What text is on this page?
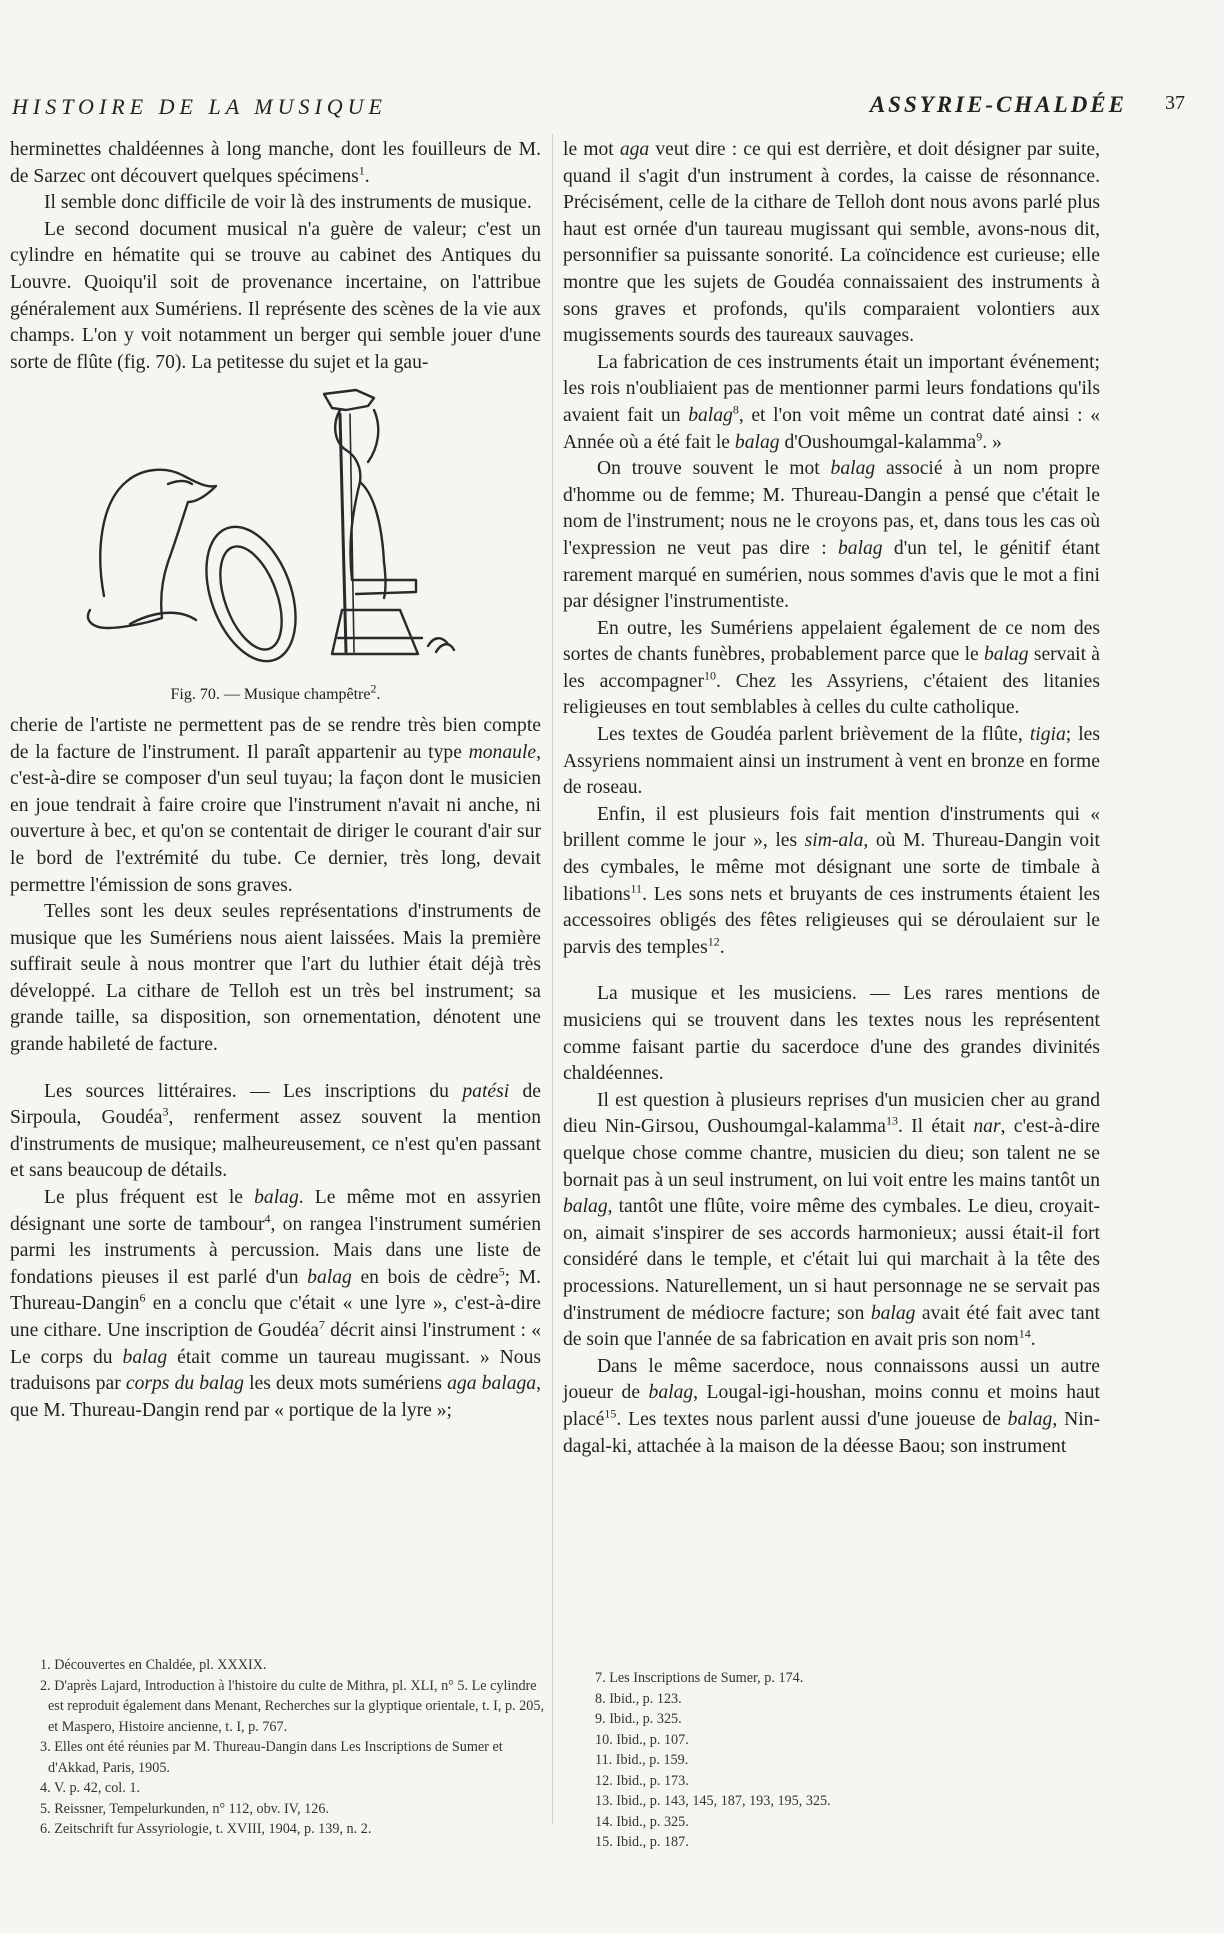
HISTOIRE DE LA MUSIQUE	ASSYRIE-CHALDÉE 37

herminettes chaldéennes à long manche, dont les fouilleurs de M. de Sarzec ont découvert quelques spécimens$^1$.

Il semble donc difficile de voir là des instruments de musique.

Le second document musical n'a guère de valeur; c'est un cylindre en hématite qui se trouve au cabinet des Antiques du Louvre. Quoiqu'il soit de provenance incertaine, on l'attribue généralement aux Sumériens. Il représente des scènes de la vie aux champs. L'on y voit notamment un berger qui semble jouer d'une sorte de flûte (fig. 70). La petitesse du sujet et la gau-

Fig. 70. — Musique champêtre$^2$.

cherie de l'artiste ne permettent pas de se rendre très bien compte de la facture de l'instrument. Il paraît appartenir au type monaule, c'est-à-dire se composer d'un seul tuyau; la façon dont le musicien en joue tendrait à faire croire que l'instrument n'avait ni anche, ni ouverture à bec, et qu'on se contentait de diriger le courant d'air sur le bord de l'extrémité du tube. Ce dernier, très long, devait permettre l'émission de sons graves.

Telles sont les deux seules représentations d'instruments de musique que les Sumériens nous aient laissées. Mais la première suffirait seule à nous montrer que l'art du luthier était déjà très développé. La cithare de Telloh est un très bel instrument; sa grande taille, sa disposition, son ornementation, dénotent une grande habileté de facture.

Les sources littéraires. — Les inscriptions du patési de Sirpoula, Goudéa$^3$, renferment assez souvent la mention d'instruments de musique; malheureusement, ce n'est qu'en passant et sans beaucoup de détails.

Le plus fréquent est le balag. Le même mot en assyrien désignant une sorte de tambour$^4$, on rangea l'instrument sumérien parmi les instruments à percussion. Mais dans une liste de fondations pieuses il est parlé d'un balag en bois de cèdre$^5$; M. Thureau-Dangin$^6$ en a conclu que c'était « une lyre », c'est-à-dire une cithare. Une inscription de Goudéa$^7$ décrit ainsi l'instrument : « Le corps du balag était comme un taureau mugissant. » Nous traduisons par corps du balag les deux mots sumériens aga balaga, que M. Thureau-Dangin rend par « portique de la lyre »;

le mot aga veut dire : ce qui est derrière, et doit désigner par suite, quand il s'agit d'un instrument à cordes, la caisse de résonnance. Précisément, celle de la cithare de Telloh dont nous avons parlé plus haut est ornée d'un taureau mugissant qui semble, avons-nous dit, personnifier sa puissante sonorité. La coïncidence est curieuse; elle montre que les sujets de Goudéa connaissaient des instruments à sons graves et profonds, qu'ils comparaient volontiers aux mugissements sourds des taureaux sauvages.

La fabrication de ces instruments était un important événement; les rois n'oubliaient pas de mentionner parmi leurs fondations qu'ils avaient fait un balag$^8$, et l'on voit même un contrat daté ainsi : « Année où a été fait le balag d'Oushoumgal-kalamma$^9$. »

On trouve souvent le mot balag associé à un nom propre d'homme ou de femme; M. Thureau-Dangin a pensé que c'était le nom de l'instrument; nous ne le croyons pas, et, dans tous les cas où l'expression ne veut pas dire : balag d'un tel, le génitif étant rarement marqué en sumérien, nous sommes d'avis que le mot a fini par désigner l'instrumentiste.

En outre, les Sumériens appelaient également de ce nom des sortes de chants funèbres, probablement parce que le balag servait à les accompagner$^{10}$. Chez les Assyriens, c'étaient des litanies religieuses en tout semblables à celles du culte catholique.

Les textes de Goudéa parlent brièvement de la flûte, tigia; les Assyriens nommaient ainsi un instrument à vent en bronze en forme de roseau.

Enfin, il est plusieurs fois fait mention d'instruments qui « brillent comme le jour », les sim-ala, où M. Thureau-Dangin voit des cymbales, le même mot désignant une sorte de timbale à libations$^{11}$. Les sons nets et bruyants de ces instruments étaient les accessoires obligés des fêtes religieuses qui se déroulaient sur le parvis des temples$^{12}$.

La musique et les musiciens. — Les rares mentions de musiciens qui se trouvent dans les textes nous les représentent comme faisant partie du sacerdoce d'une des grandes divinités chaldéennes.

Il est question à plusieurs reprises d'un musicien cher au grand dieu Nin-Girsou, Oushoumgal-kalamma$^{13}$. Il était nar, c'est-à-dire quelque chose comme chantre, musicien du dieu; son talent ne se bornait pas à un seul instrument, on lui voit entre les mains tantôt un balag, tantôt une flûte, voire même des cymbales. Le dieu, croyait-on, aimait s'inspirer de ses accords harmonieux; aussi était-il fort considéré dans le temple, et c'était lui qui marchait à la tête des processions. Naturellement, un si haut personnage ne se servait pas d'instrument de médiocre facture; son balag avait été fait avec tant de soin que l'année de sa fabrication en avait pris son nom$^{14}$.

Dans le même sacerdoce, nous connaissons aussi un autre joueur de balag, Lougal-igi-houshan, moins connu et moins haut placé$^{15}$. Les textes nous parlent aussi d'une joueuse de balag, Nin-dagal-ki, attachée à la maison de la déesse Baou; son instrument

1. Découvertes en Chaldée, pl. XXXIX.
2. D'après Lajard, Introduction à l'histoire du culte de Mithra, pl. XLI, n° 5. Le cylindre est reproduit également dans Menant, Recherches sur la glyptique orientale, t. I, p. 205, et Maspero, Histoire ancienne, t. I, p. 767.
3. Elles ont été réunies par M. Thureau-Dangin dans Les Inscriptions de Sumer et d'Akkad, Paris, 1905.
4. V. p. 42, col. 1.
5. Reissner, Tempelurkunden, n° 112, obv. IV, 126.
6. Zeitschrift fur Assyriologie, t. XVIII, 1904, p. 139, n. 2.
7. Les Inscriptions de Sumer, p. 174.
8. Ibid., p. 123.
9. Ibid., p. 325.
10. Ibid., p. 107.
11. Ibid., p. 159.
12. Ibid., p. 173.
13. Ibid., p. 143, 145, 187, 193, 195, 325.
14. Ibid., p. 325.
15. Ibid., p. 187.
